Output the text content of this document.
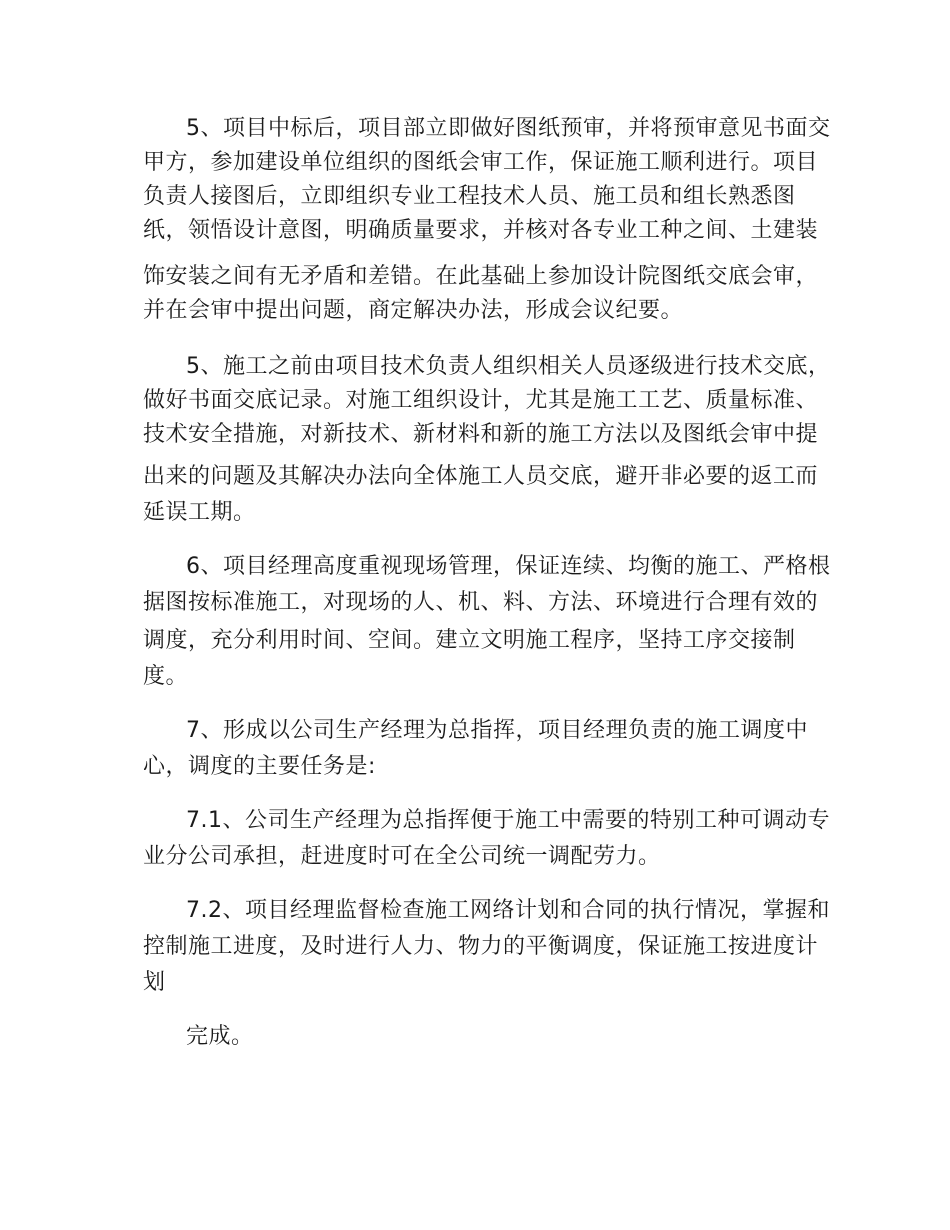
5、项目中标后，项目部立即做好图纸预审，并将预审意见书面交
甲方，参加建设单位组织的图纸会审工作，保证施工顺利进行。项目
负责人接图后，立即组织专业工程技术人员、施工员和组长熟悉图
纸，领悟设计意图，明确质量要求，并核对各专业工种之间、土建装
饰安装之间有无矛盾和差错。在此基础上参加设计院图纸交底会审，
并在会审中提出问题，商定解决办法，形成会议纪要。
5、施工之前由项目技术负责人组织相关人员逐级进行技术交底，
做好书面交底记录。对施工组织设计，尤其是施工工艺、质量标准、
技术安全措施，对新技术、新材料和新的施工方法以及图纸会审中提
出来的问题及其解决办法向全体施工人员交底，避开非必要的返工而
延误工期。
6、项目经理高度重视现场管理，保证连续、均衡的施工、严格根
据图按标准施工，对现场的人、机、料、方法、环境进行合理有效的
调度，充分利用时间、空间。建立文明施工程序，坚持工序交接制
度。
7、形成以公司生产经理为总指挥，项目经理负责的施工调度中
心，调度的主要任务是:
7.1、公司生产经理为总指挥便于施工中需要的特别工种可调动专
业分公司承担，赶进度时可在全公司统一调配劳力。
7.2、项目经理监督检查施工网络计划和合同的执行情况，掌握和
控制施工进度，及时进行人力、物力的平衡调度，保证施工按进度计
划
完成。
